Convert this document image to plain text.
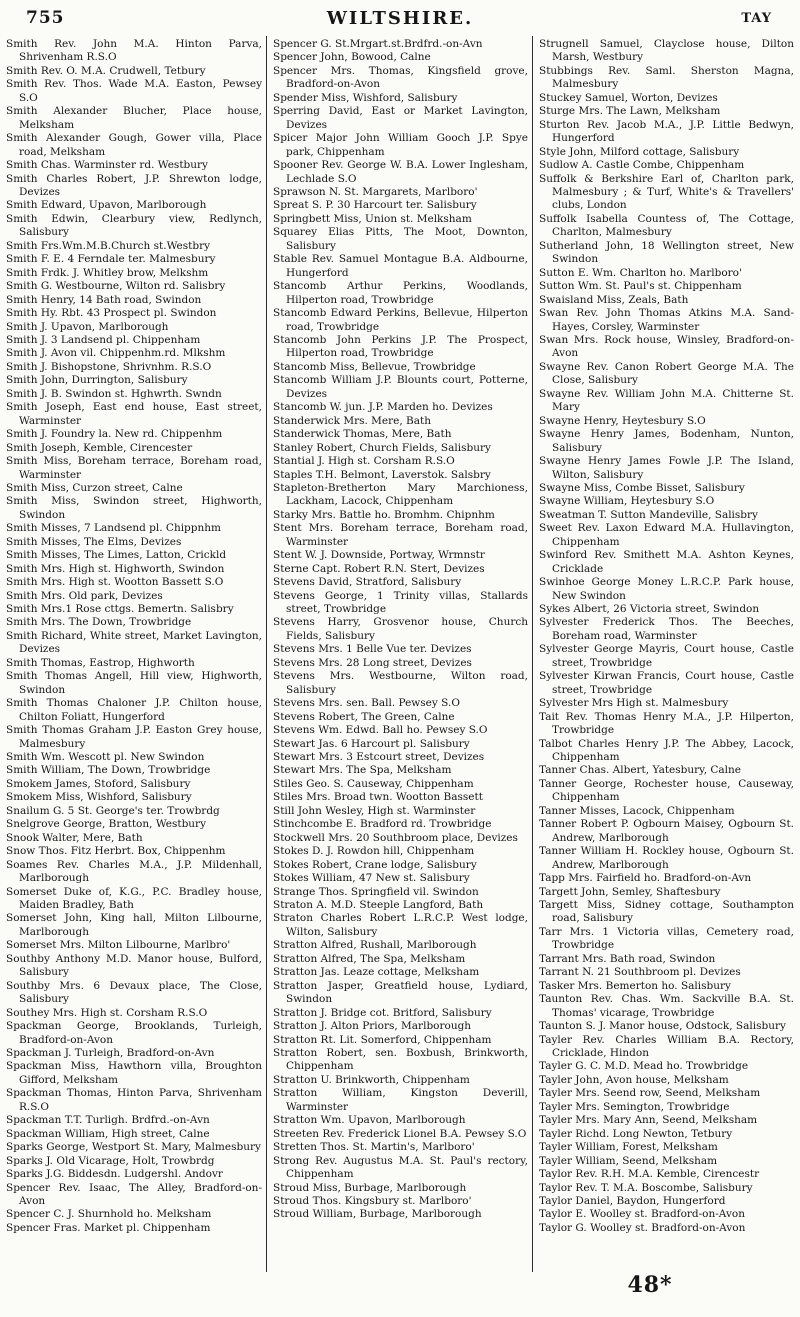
755	WILTSHIRE.	TAY
Smith Rev. John M.A. Hinton Parva, Shrivenham R.S.O
Smith Rev. O. M.A. Crudwell, Tetbury
Smith Rev. Thos. Wade M.A. Easton, Pewsey S.O
Smith Alexander Blucher, Place house, Melksham
Smith Alexander Gough, Gower villa, Place road, Melksham
Smith Chas. Warminster rd. Westbury
Smith Charles Robert, J.P. Shrewton lodge, Devizes
Smith Edward, Upavon, Marlborough
Smith Edwin, Clearbury view, Redlynch, Salisbury
Smith Frs.Wm.M.B.Church st.Westbry
Smith F. E. 4 Ferndale ter. Malmesbury
Smith Frdk. J. Whitley brow, Melkshm
Smith G. Westbourne, Wilton rd. Salisbry
Smith Henry, 14 Bath road, Swindon
Smith Hy. Rbt. 43 Prospect pl. Swindon
Smith J. Upavon, Marlborough
Smith J. 3 Landsend pl. Chippenham
Smith J. Avon vil. Chippenhm.rd. Mlkshm
Smith J. Bishopstone, Shrivnhm. R.S.O
Smith John, Durrington, Salisbury
Smith J. B. Swindon st. Hghwrth. Swndn
Smith Joseph, East end house, East street, Warminster
Smith J. Foundry la. New rd. Chippenhm
Smith Joseph, Kemble, Cirencester
Smith Miss, Boreham terrace, Boreham road, Warminster
Smith Miss, Curzon street, Calne
Smith Miss, Swindon street, Highworth, Swindon
Smith Misses, 7 Landsend pl. Chippnhm
Smith Misses, The Elms, Devizes
Smith Misses, The Limes, Latton, Crickld
Smith Mrs. High st. Highworth, Swindon
Smith Mrs. High st. Wootton Bassett S.O
Smith Mrs. Old park, Devizes
Smith Mrs.1 Rose cttgs. Bemertn. Salisbry
Smith Mrs. The Down, Trowbridge
Smith Richard, White street, Market Lavington, Devizes
Smith Thomas, Eastrop, Highworth
Smith Thomas Angell, Hill view, Highworth, Swindon
Smith Thomas Chaloner J.P. Chilton house, Chilton Foliatt, Hungerford
Smith Thomas Graham J.P. Easton Grey house, Malmesbury
Smith Wm. Wescott pl. New Swindon
Smith William, The Down, Trowbridge
Smokem James, Stoford, Salisbury
Smokem Miss, Wishford, Salisbury
Snailum G. 5 St. George's ter. Trowbrdg
Snelgrove George, Bratton, Westbury
Snook Walter, Mere, Bath
Snow Thos. Fitz Herbrt. Box, Chippenhm
Soames Rev. Charles M.A., J.P. Mildenhall, Marlborough
Somerset Duke of, K.G., P.C. Bradley house, Maiden Bradley, Bath
Somerset John, King hall, Milton Lilbourne, Marlborough
Somerset Mrs. Milton Lilbourne, Marlbro'
Southby Anthony M.D. Manor house, Bulford, Salisbury
Southby Mrs. 6 Devaux place, The Close, Salisbury
Southey Mrs. High st. Corsham R.S.O
Spackman George, Brooklands, Turleigh, Bradford-on-Avon
Spackman J. Turleigh, Bradford-on-Avn
Spackman Miss, Hawthorn villa, Broughton Gifford, Melksham
Spackman Thomas, Hinton Parva, Shrivenham R.S.O
Spackman T.T. Turligh. Brdfrd.-on-Avn
Spackman William, High street, Calne
Sparks George, Westport St. Mary, Malmesbury
Sparks J. Old Vicarage, Holt, Trowbrdg
Sparks J.G. Biddesdn. Ludgershl. Andovr
Spencer Rev. Isaac, The Alley, Bradford-on-Avon
Spencer C. J. Shurnhold ho. Melksham
Spencer Fras. Market pl. Chippenham
Spencer G. St.Mrgart.st.Brdfrd.-on-Avn
Spencer John, Bowood, Calne
Spencer Mrs. Thomas, Kingsfield grove, Bradford-on-Avon
Spender Miss, Wishford, Salisbury
Sperring David, East or Market Lavington, Devizes
Spicer Major John William Gooch J.P. Spye park, Chippenham
Spooner Rev. George W. B.A. Lower Inglesham, Lechlade S.O
Sprawson N. St. Margarets, Marlboro'
Spreat S. P. 30 Harcourt ter. Salisbury
Springbett Miss, Union st. Melksham
Squarey Elias Pitts, The Moot, Downton, Salisbury
Stable Rev. Samuel Montague B.A. Aldbourne, Hungerford
Stancomb Arthur Perkins, Woodlands, Hilperton road, Trowbridge
Stancomb Edward Perkins, Bellevue, Hilperton road, Trowbridge
Stancomb John Perkins J.P. The Prospect, Hilperton road, Trowbridge
Stancomb Miss, Bellevue, Trowbridge
Stancomb William J.P. Blounts court, Potterne, Devizes
Stancomb W. jun. J.P. Marden ho. Devizes
Standerwick Mrs. Mere, Bath
Standerwick Thomas, Mere, Bath
Stanley Robert, Church Fields, Salisbury
Stantial J. High st. Corsham R.S.O
Staples T.H. Belmont, Laverstok. Salsbry
Stapleton-Bretherton Mary Marchioness, Lackham, Lacock, Chippenham
Starky Mrs. Battle ho. Bromhm. Chipnhm
Stent Mrs. Boreham terrace, Boreham road, Warminster
Stent W. J. Downside, Portway, Wrmnstr
Sterne Capt. Robert R.N. Stert, Devizes
Stevens David, Stratford, Salisbury
Stevens George, 1 Trinity villas, Stallards street, Trowbridge
Stevens Harry, Grosvenor house, Church Fields, Salisbury
Stevens Mrs. 1 Belle Vue ter. Devizes
Stevens Mrs. 28 Long street, Devizes
Stevens Mrs. Westbourne, Wilton road, Salisbury
Stevens Mrs. sen. Ball. Pewsey S.O
Stevens Robert, The Green, Calne
Stevens Wm. Edwd. Ball ho. Pewsey S.O
Stewart Jas. 6 Harcourt pl. Salisbury
Stewart Mrs. 3 Estcourt street, Devizes
Stewart Mrs. The Spa, Melksham
Stiles Geo. S. Causeway, Chippenham
Stiles Mrs. Broad twn. Wootton Bassett
Still John Wesley, High st. Warminster
Stinchcombe E. Bradford rd. Trowbridge
Stockwell Mrs. 20 Southbroom place, Devizes
Stokes D. J. Rowdon hill, Chippenham
Stokes Robert, Crane lodge, Salisbury
Stokes William, 47 New st. Salisbury
Strange Thos. Springfield vil. Swindon
Straton A. M.D. Steeple Langford, Bath
Straton Charles Robert L.R.C.P. West lodge, Wilton, Salisbury
Stratton Alfred, Rushall, Marlborough
Stratton Alfred, The Spa, Melksham
Stratton Jas. Leaze cottage, Melksham
Stratton Jasper, Greatfield house, Lydiard, Swindon
Stratton J. Bridge cot. Britford, Salisbury
Stratton J. Alton Priors, Marlborough
Stratton Rt. Lit. Somerford, Chippenham
Stratton Robert, sen. Boxbush, Brinkworth, Chippenham
Stratton U. Brinkworth, Chippenham
Stratton William, Kingston Deverill, Warminster
Stratton Wm. Upavon, Marlborough
Streeten Rev. Frederick Lionel B.A. Pewsey S.O
Stretten Thos. St. Martin's, Marlboro'
Strong Rev. Augustus M.A. St. Paul's rectory, Chippenham
Stroud Miss, Burbage, Marlborough
Stroud Thos. Kingsbury st. Marlboro'
Stroud William, Burbage, Marlborough
Strugnell Samuel, Clayclose house, Dilton Marsh, Westbury
Stubbings Rev. Saml. Sherston Magna, Malmesbury
Stuckey Samuel, Worton, Devizes
Sturge Mrs. The Lawn, Melksham
Sturton Rev. Jacob M.A., J.P. Little Bedwyn, Hungerford
Style John, Milford cottage, Salisbury
Sudlow A. Castle Combe, Chippenham
Suffolk & Berkshire Earl of, Charlton park, Malmesbury ; & Turf, White's & Travellers' clubs, London
Suffolk Isabella Countess of, The Cottage, Charlton, Malmesbury
Sutherland John, 18 Wellington street, New Swindon
Sutton E. Wm. Charlton ho. Marlboro'
Sutton Wm. St. Paul's st. Chippenham
Swaisland Miss, Zeals, Bath
Swan Rev. John Thomas Atkins M.A. Sand-Hayes, Corsley, Warminster
Swan Mrs. Rock house, Winsley, Bradford-on-Avon
Swayne Rev. Canon Robert George M.A. The Close, Salisbury
Swayne Rev. William John M.A. Chitterne St. Mary
Swayne Henry, Heytesbury S.O
Swayne Henry James, Bodenham, Nunton, Salisbury
Swayne Henry James Fowle J.P. The Island, Wilton, Salisbury
Swayne Miss, Combe Bisset, Salisbury
Swayne William, Heytesbury S.O
Sweatman T. Sutton Mandeville, Salisbry
Sweet Rev. Laxon Edward M.A. Hullavington, Chippenham
Swinford Rev. Smithett M.A. Ashton Keynes, Cricklade
Swinhoe George Money L.R.C.P. Park house, New Swindon
Sykes Albert, 26 Victoria street, Swindon
Sylvester Frederick Thos. The Beeches, Boreham road, Warminster
Sylvester George Mayris, Court house, Castle street, Trowbridge
Sylvester Kirwan Francis, Court house, Castle street, Trowbridge
Sylvester Mrs High st. Malmesbury
Tait Rev. Thomas Henry M.A., J.P. Hilperton, Trowbridge
Talbot Charles Henry J.P. The Abbey, Lacock, Chippenham
Tanner Chas. Albert, Yatesbury, Calne
Tanner George, Rochester house, Causeway, Chippenham
Tanner Misses, Lacock, Chippenham
Tanner Robert P. Ogbourn Maisey, Ogbourn St. Andrew, Marlborough
Tanner William H. Rockley house, Ogbourn St. Andrew, Marlborough
Tapp Mrs. Fairfield ho. Bradford-on-Avn
Targett John, Semley, Shaftesbury
Targett Miss, Sidney cottage, Southampton road, Salisbury
Tarr Mrs. 1 Victoria villas, Cemetery road, Trowbridge
Tarrant Mrs. Bath road, Swindon
Tarrant N. 21 Southbroom pl. Devizes
Tasker Mrs. Bemerton ho. Salisbury
Taunton Rev. Chas. Wm. Sackville B.A. St. Thomas' vicarage, Trowbridge
Taunton S. J. Manor house, Odstock, Salisbury
Tayler Rev. Charles William B.A. Rectory, Cricklade, Hindon
Tayler G. C. M.D. Mead ho. Trowbridge
Tayler John, Avon house, Melksham
Tayler Mrs. Seend row, Seend, Melksham
Tayler Mrs. Semington, Trowbridge
Tayler Mrs. Mary Ann, Seend, Melksham
Tayler Richd. Long Newton, Tetbury
Tayler William, Forest, Melksham
Tayler William, Seend, Melksham
Taylor Rev. R.H. M.A. Kemble, Cirencestr
Taylor Rev. T. M.A. Boscombe, Salisbury
Taylor Daniel, Baydon, Hungerford
Taylor E. Woolley st. Bradford-on-Avon
Taylor G. Woolley st. Bradford-on-Avon
48*
